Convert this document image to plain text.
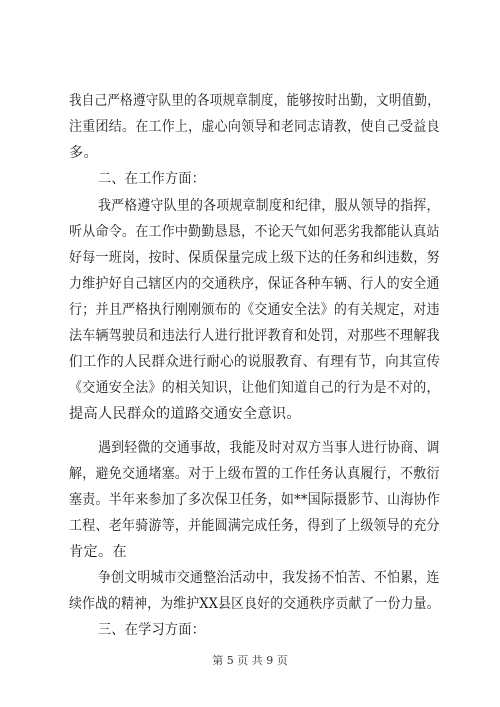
我自己严格遵守队里的各项规章制度，能够按时出勤，文明值勤，
注重团结。在工作上，虚心向领导和老同志请教，使自己受益良
多。
二、在工作方面：
我严格遵守队里的各项规章制度和纪律，服从领导的指挥，
听从命令。在工作中勤勤恳恳，不论天气如何恶劣我都能认真站
好每一班岗，按时、保质保量完成上级下达的任务和纠违数，努
力维护好自己辖区内的交通秩序，保证各种车辆、行人的安全通
行；并且严格执行刚刚颁布的《交通安全法》的有关规定，对违
法车辆驾驶员和违法行人进行批评教育和处罚，对那些不理解我
们工作的人民群众进行耐心的说服教育、有理有节，向其宣传
《交通安全法》的相关知识，让他们知道自己的行为是不对的，
提高人民群众的道路交通安全意识。
遇到轻微的交通事故，我能及时对双方当事人进行协商、调
解，避免交通堵塞。对于上级布置的工作任务认真履行，不敷衍
塞责。半年来参加了多次保卫任务，如**国际摄影节、山海协作
工程、老年骑游等，并能圆满完成任务，得到了上级领导的充分
肯定。在
争创文明城市交通整治活动中，我发扬不怕苦、不怕累，连
续作战的精神，为维护XX县区良好的交通秩序贡献了一份力量。
三、在学习方面：
第 5 页 共 9 页
